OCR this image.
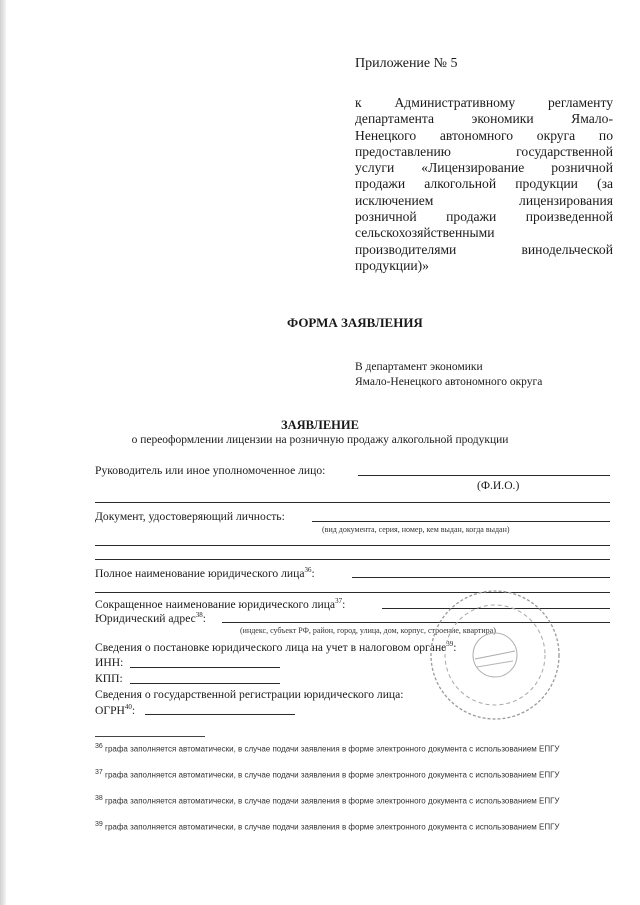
Приложение № 5
к Административному регламенту
департамента экономики Ямало-
Ненецкого автономного округа по
предоставлению государственной
услуги «Лицензирование розничной
продажи алкогольной продукции (за
исключением лицензирования
розничной продажи произведенной
сельскохозяйственными
производителями винодельческой
продукции)»
ФОРМА ЗАЯВЛЕНИЯ
В департамент экономики
Ямало-Ненецкого автономного округа
ЗАЯВЛЕНИЕ
о переоформлении лицензии на розничную продажу алкогольной продукции
Руководитель или иное уполномоченное лицо:
(Ф.И.О.)
Документ, удостоверяющий личность:
(вид документа, серия, номер, кем выдан, когда выдан)
Полное наименование юридического лица$^{36}$:
Сокращенное наименование юридического лица$^{37}$:
Юридический адрес$^{38}$:
(индекс, субъект РФ, район, город, улица, дом, корпус, строение, квартира)
Сведения о постановке юридического лица на учет в налоговом органе$^{39}$:
ИНН:
КПП:
Сведения о государственной регистрации юридического лица:
ОГРН$^{40}$:
36 графа заполняется автоматически, в случае подачи заявления в форме электронного документа с использованием ЕПГУ
37 графа заполняется автоматически, в случае подачи заявления в форме электронного документа с использованием ЕПГУ
38 графа заполняется автоматически, в случае подачи заявления в форме электронного документа с использованием ЕПГУ
39 графа заполняется автоматически, в случае подачи заявления в форме электронного документа с использованием ЕПГУ
